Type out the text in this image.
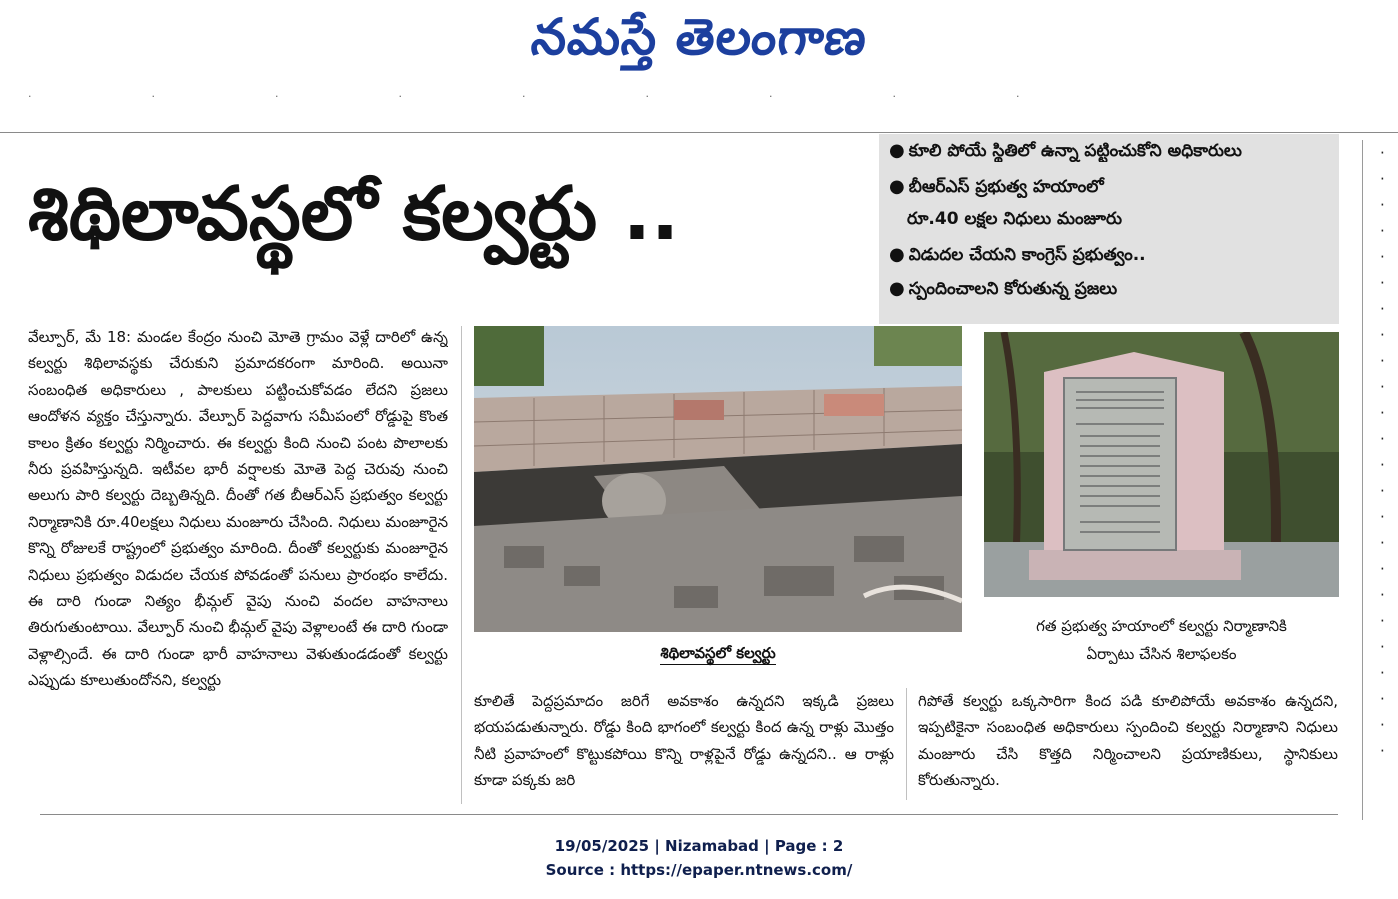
నమస్తే తెలంగాణ
·	·	·	·	·	·	·	·	·
శిథిలావస్థలో కల్వర్టు ..
● కూలి పోయే స్థితిలో ఉన్నా పట్టించుకోని అధికారులు
● బీఆర్ఎస్ ప్రభుత్వ హయాంలో
రూ.40 లక్షల నిధులు మంజూరు
● విడుదల చేయని కాంగ్రెస్ ప్రభుత్వం..
● స్పందించాలని కోరుతున్న ప్రజలు

వేల్పూర్, మే 18: మండల కేంద్రం నుంచి మోతె గ్రామం వెళ్లే దారిలో ఉన్న కల్వర్టు శిథిలావస్థకు చేరుకుని ప్రమాదకరంగా మారింది. అయినా సంబంధిత అధికారులు , పాలకులు పట్టించుకోవడం లేదని ప్రజలు ఆందోళన వ్యక్తం చేస్తున్నారు. వేల్పూర్ పెద్దవాగు సమీపంలో రోడ్డుపై కొంత కాలం క్రితం కల్వర్టు నిర్మించారు. ఈ కల్వర్టు కింది నుంచి పంట పొలాలకు నీరు ప్రవహిస్తున్నది. ఇటీవల భారీ వర్షాలకు మోతె పెద్ద చెరువు నుంచి అలుగు పారి కల్వర్టు దెబ్బతిన్నది. దీంతో గత బీఆర్ఎస్ ప్రభుత్వం కల్వర్టు నిర్మాణానికి రూ.40లక్షలు నిధులు మంజూరు చేసింది. నిధులు మంజూరైన కొన్ని రోజులకే రాష్ట్రంలో ప్రభుత్వం మారింది. దీంతో కల్వర్టుకు మంజూరైన నిధులు ప్రభుత్వం విడుదల చేయక పోవడంతో పనులు ప్రారంభం కాలేదు. ఈ దారి గుండా నిత్యం భీమ్గల్ వైపు నుంచి వందల వాహనాలు తిరుగుతుంటాయి. వేల్పూర్ నుంచి భీమ్గల్ వైపు వెళ్లాలంటే ఈ దారి గుండా వెళ్లాల్సిందే. ఈ దారి గుండా భారీ వాహనాలు వెళుతుండడంతో కల్వర్టు ఎప్పుడు కూలుతుందోనని, కల్వర్టు

శిథిలావస్థలో కల్వర్టు
గత ప్రభుత్వ హయాంలో కల్వర్టు నిర్మాణానికి
ఏర్పాటు చేసిన శిలాఫలకం

కూలితే పెద్దప్రమాదం జరిగే అవకాశం ఉన్నదని ఇక్కడి ప్రజలు భయపడుతున్నారు. రోడ్డు కింది భాగంలో కల్వర్టు కింద ఉన్న రాళ్లు మొత్తం నీటి ప్రవాహంలో కొట్టుకపోయి కొన్ని రాళ్లపైనే రోడ్డు ఉన్నదని.. ఆ రాళ్లు కూడా పక్కకు జరి

గిపోతే కల్వర్టు ఒక్కసారిగా కింద పడి కూలిపోయే అవకాశం ఉన్నదని, ఇప్పటికైనా సంబంధిత అధికారులు స్పందించి కల్వర్టు నిర్మాణాని నిధులు మంజూరు చేసి కొత్తది నిర్మించాలని ప్రయాణికులు, స్థానికులు కోరుతున్నారు.

·
·
·
·
·
·
·
·
·
·
·
·
·
·
·
·
·
·
·
·
·
·
·
·
19/05/2025 | Nizamabad | Page : 2
Source : https://epaper.ntnews.com/
